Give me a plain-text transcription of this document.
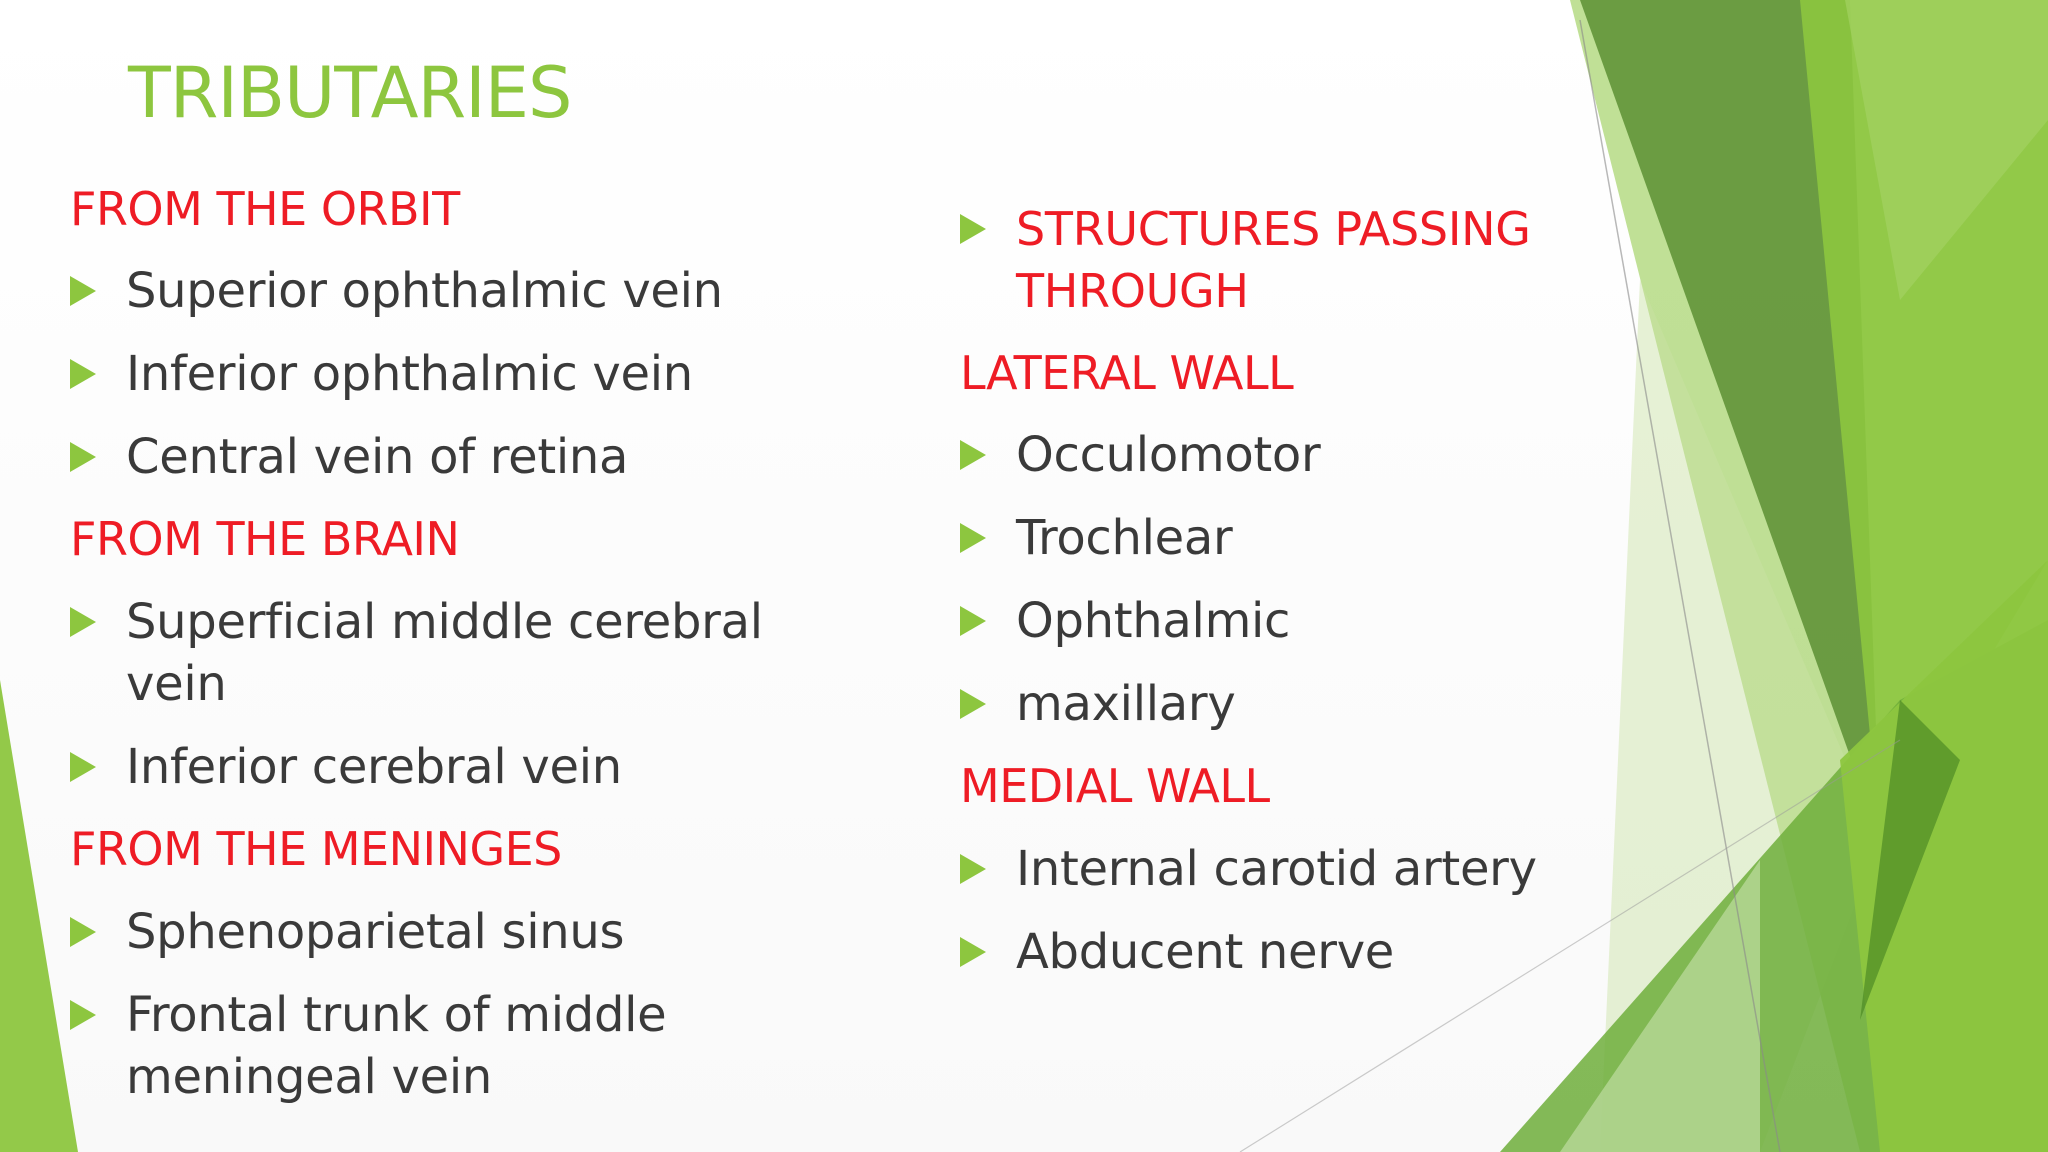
TRIBUTARIES
FROM THE ORBIT
Superior ophthalmic vein
Inferior ophthalmic vein
Central vein of retina
FROM THE BRAIN
Superficial middle cerebral vein
Inferior cerebral vein
FROM THE MENINGES
Sphenoparietal sinus
Frontal trunk of middle meningeal vein
STRUCTURES PASSING THROUGH
LATERAL WALL
Occulomotor
Trochlear
Ophthalmic
maxillary
MEDIAL WALL
Internal carotid artery
Abducent nerve
